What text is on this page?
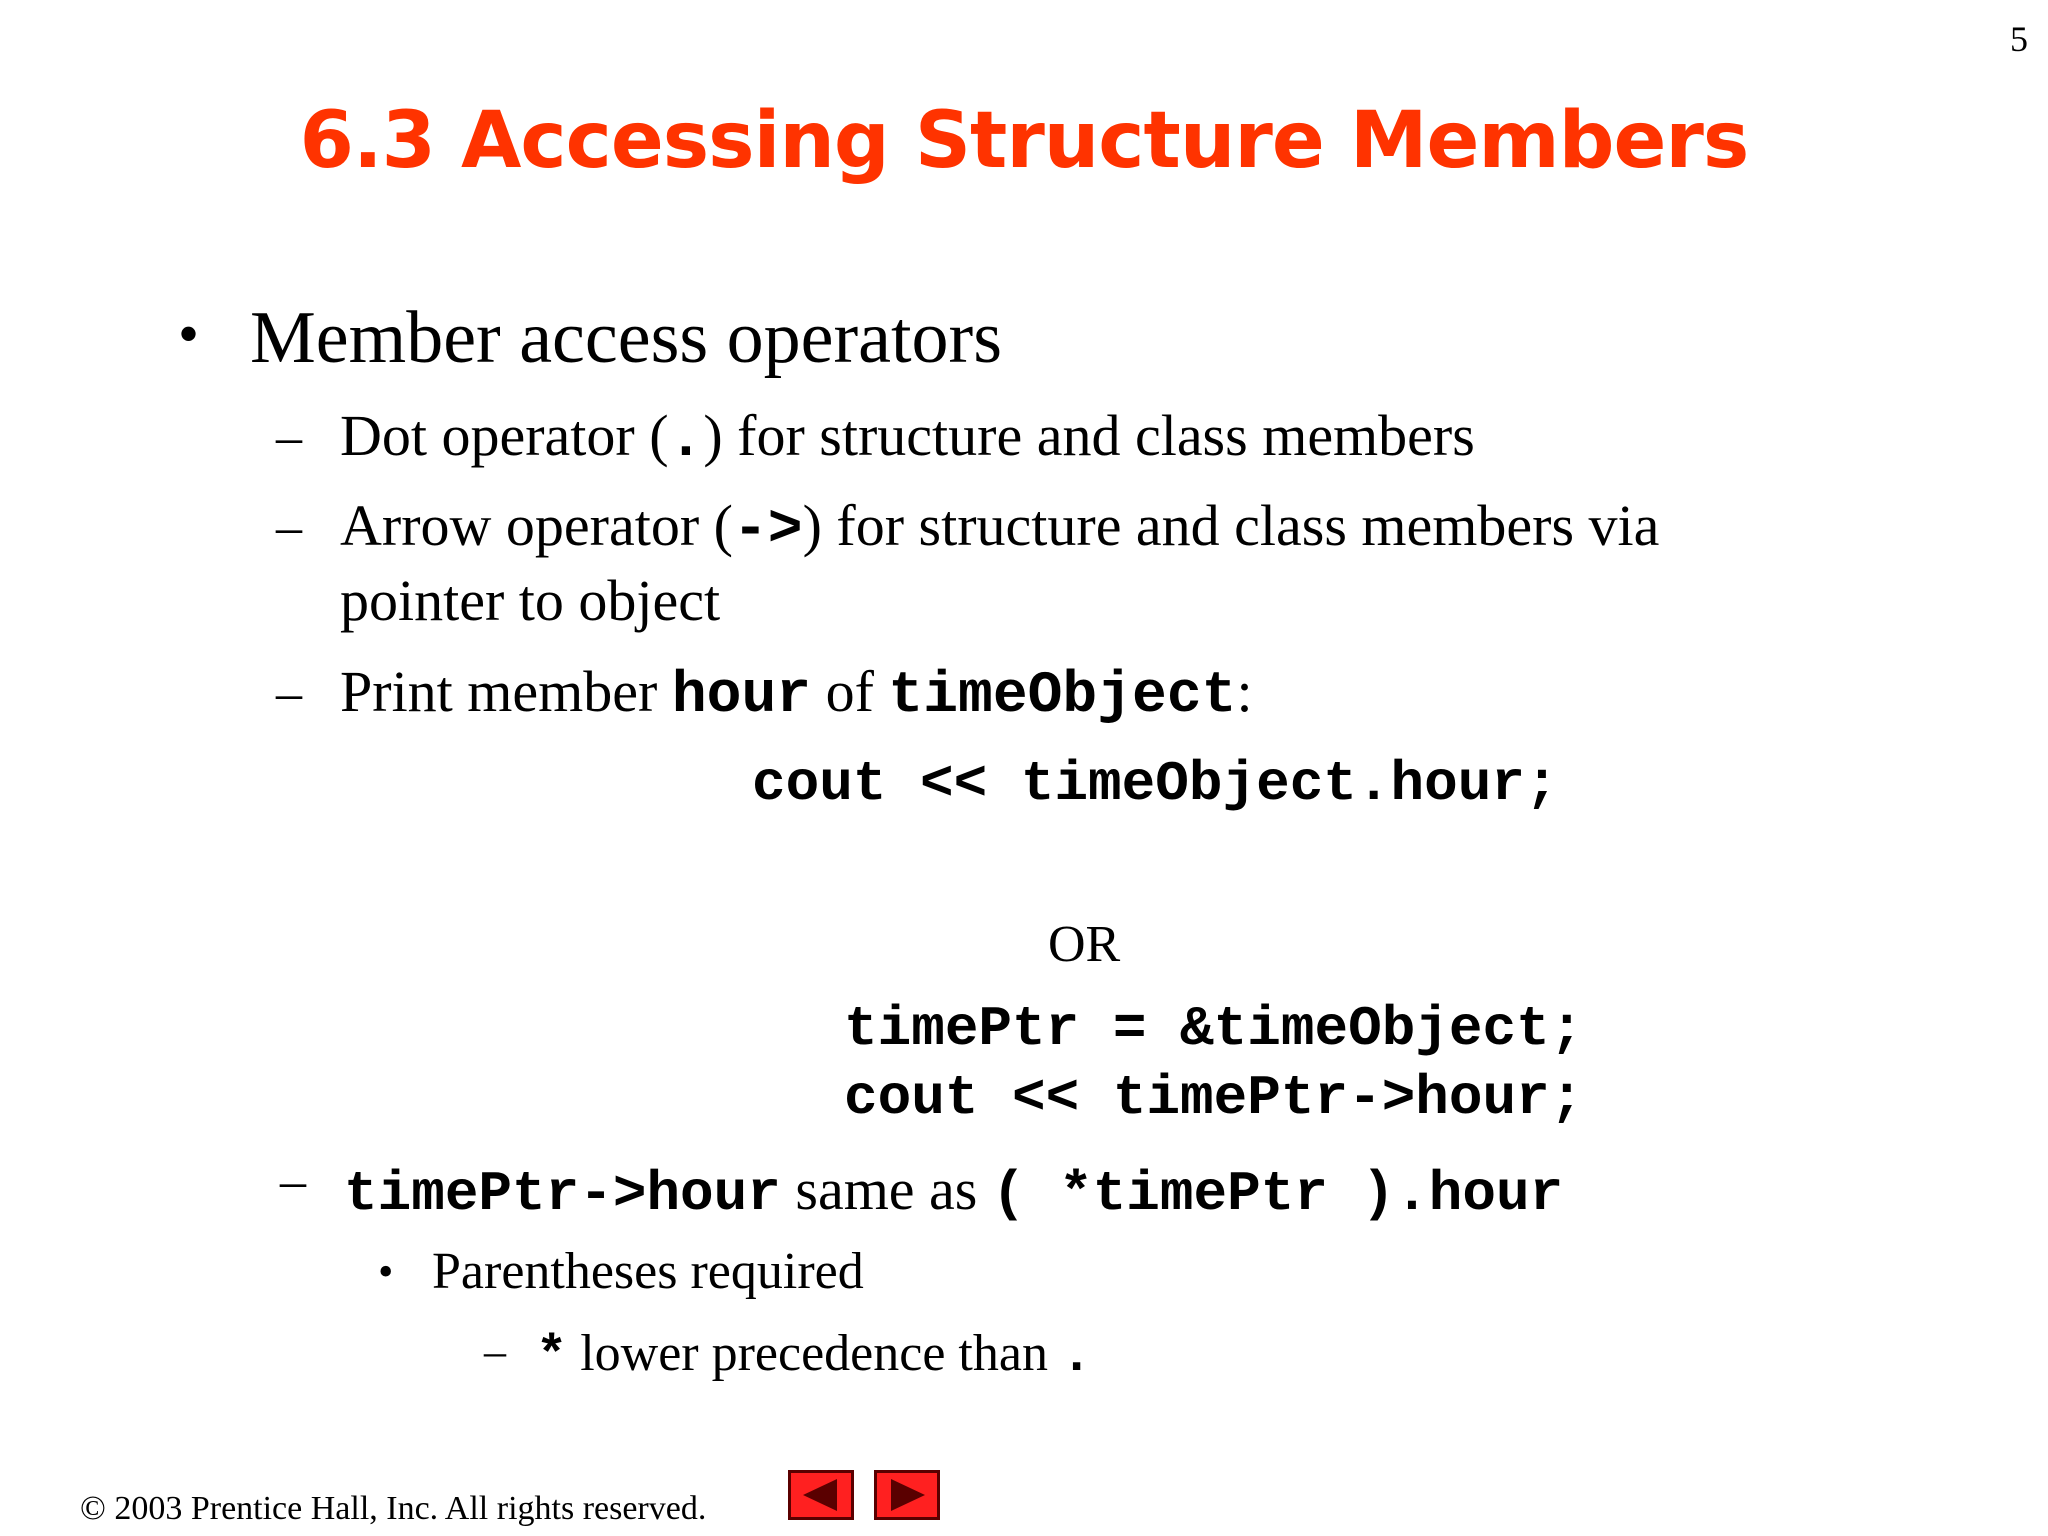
5
6.3 Accessing Structure Members
• Member access operators
– Dot operator (.) for structure and class members
– Arrow operator (->) for structure and class members via
pointer to object
– Print member hour of timeObject:
cout << timeObject.hour;
OR
timePtr = &timeObject;
cout << timePtr->hour;
– timePtr->hour same as ( *timePtr ).hour
• Parentheses required
– * lower precedence than .
© 2003 Prentice Hall, Inc. All rights reserved.
